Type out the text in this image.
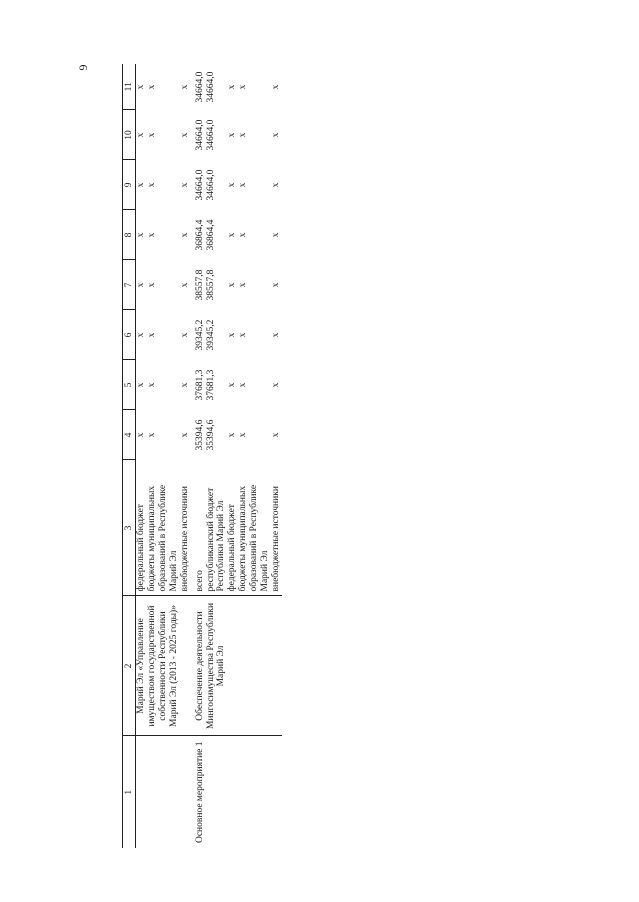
6
1	2	3	4	5	6	7	8	9	10	11
	Марий Эл «Управление имуществом государственной собственности Республики Марий Эл (2013 - 2025 годы)»	федеральный бюджет	x	x	x	x	x	x	x	x
		бюджеты муниципальных образований в Республике Марий Эл	x	x	x	x	x	x	x	x
		внебюджетные источники	x	x	x	x	x	x	x	x
Основное мероприятие 1	Обеспечение деятельности Мингосимущества Республики Марий Эл	всего	35394,6	37681,3	39345,2	38557,8	36864,4	34664,0	34664,0	34664,0
		республиканский бюджет Республики Марий Эл	35394,6	37681,3	39345,2	38557,8	36864,4	34664,0	34664,0	34664,0
		федеральный бюджет	x	x	x	x	x	x	x	x
		бюджеты муниципальных образований в Республике Марий Эл	x	x	x	x	x	x	x	x
		внебюджетные источники	x	x	x	x	x	x	x	x
